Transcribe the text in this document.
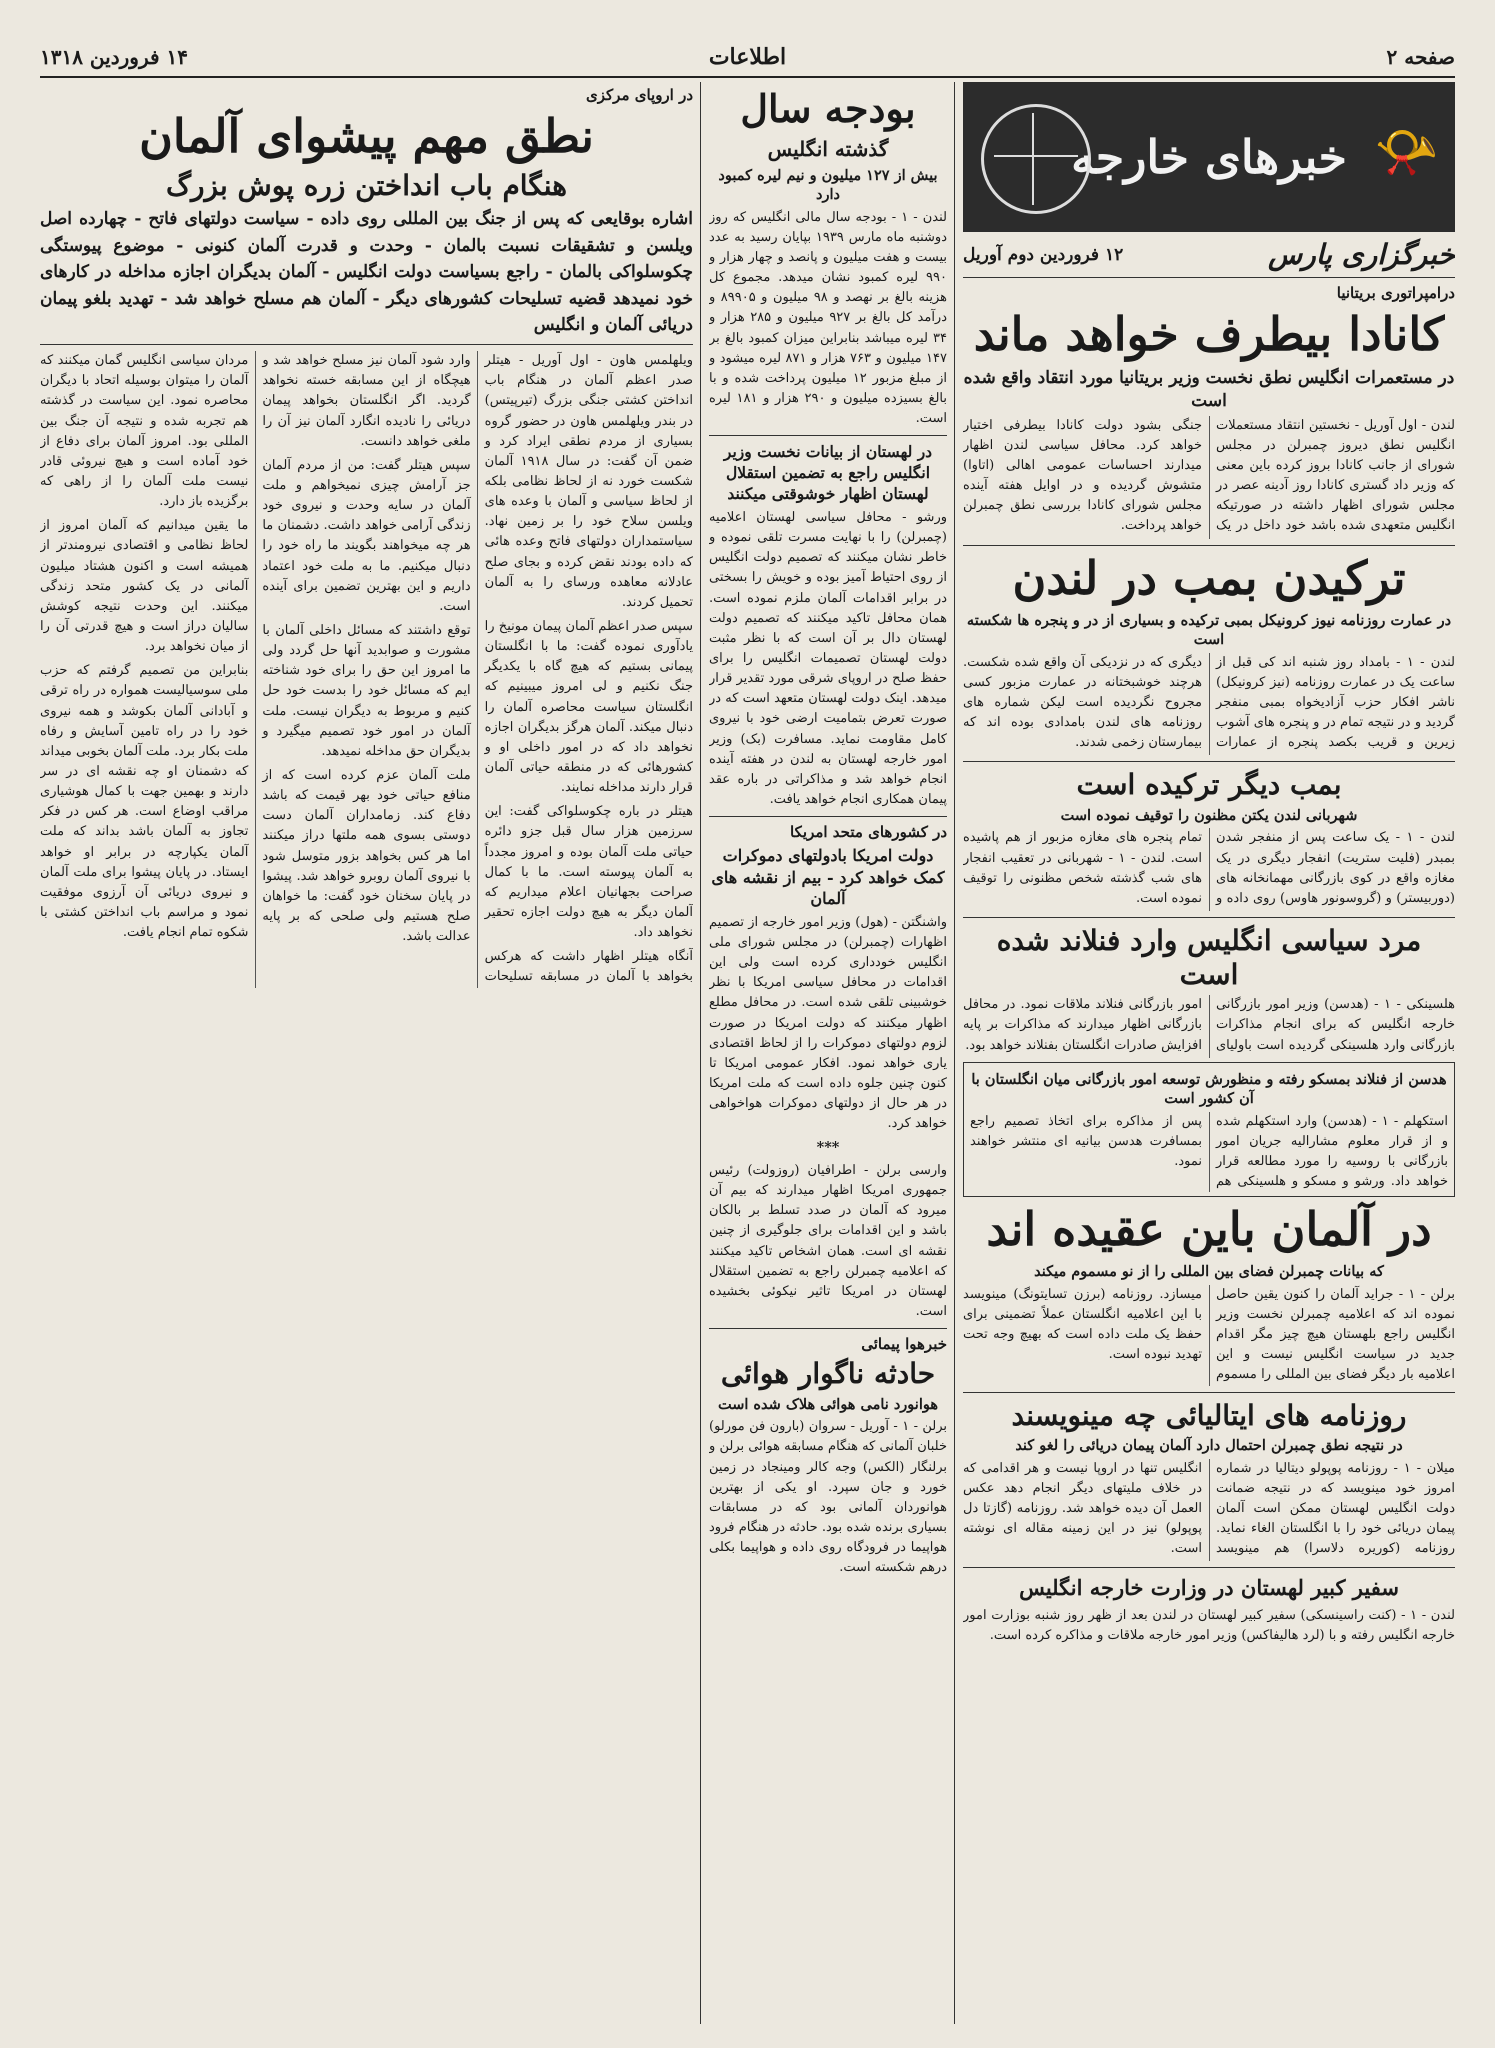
صفحه ۲
اطلاعات
۱۴ فروردین ۱۳۱۸
خبرهای خارجه 📯
خبرگزاری پارس
۱۲ فروردین دوم آوریل
درامپراتوری بریتانیا
کانادا بیطرف خواهد ماند
در مستعمرات انگلیس نطق نخست وزیر بریتانیا مورد انتقاد واقع شده است

لندن - اول آوریل - نخستین انتقاد مستعملات انگلیس نطق دیروز چمبرلن در مجلس شورای از جانب کانادا بروز کرده باین معنی که وزیر داد گستری کانادا روز آدینه عصر در مجلس شورای اظهار داشته در صورتیکه انگلیس متعهدی شده باشد خود داخل در یک جنگی بشود دولت کانادا بیطرفی اختیار خواهد کرد. محافل سیاسی لندن اظهار میدارند احساسات عمومی اهالی (اتاوا) متشوش گردیده و در اوایل هفته آینده مجلس شورای کانادا بررسی نطق چمبرلن خواهد پرداخت.

ترکیدن بمب در لندن
در عمارت روزنامه نیوز کرونیکل بمبی ترکیده و بسیاری از در و پنجره ها شکسته است

لندن - ۱ - بامداد روز شنبه اند کی قبل از ساعت یک در عمارت روزنامه (نیز کرونیکل) ناشر افکار حزب آزادیخواه بمبی منفجر گردید و در نتیجه تمام در و پنجره های آشوب زیرین و قریب بکصد پنجره از عمارات دیگری که در نزدیکی آن واقع شده شکست. هرچند خوشبختانه در عمارت مزبور کسی مجروح نگردیده است لیکن شماره های روزنامه های لندن بامدادی بوده اند که بیمارستان زخمی شدند.

بمب دیگر ترکیده است
شهربانی لندن یکتن مظنون را توقیف نموده است

لندن - ۱ - یک ساعت پس از منفجر شدن بمبدر (فلیت ستریت) انفجار دیگری در یک مغازه واقع در کوی بازرگانی مهمانخانه های (دوربیستر) و (گروسونور هاوس) روی داده و تمام پنجره های مغازه مزبور از هم پاشیده است. لندن - ۱ - شهربانی در تعقیب انفجار های شب گذشته شخص مظنونی را توقیف نموده است.

مرد سیاسی انگلیس وارد فنلاند شده است

هلسینکی - ۱ - (هدسن) وزیر امور بازرگانی خارجه انگلیس که برای انجام مذاکرات بازرگانی وارد هلسینکی گردیده است باولیای امور بازرگانی فنلاند ملاقات نمود. در محافل بازرگانی اظهار میدارند که مذاکرات بر پایه افزایش صادرات انگلستان بفنلاند خواهد بود.

هدسن از فنلاند بمسکو رفته و منظورش توسعه امور بازرگانی میان انگلستان با آن کشور است

استکهلم - ۱ - (هدسن) وارد استکهلم شده و از قرار معلوم مشارالیه جریان امور بازرگانی با روسیه را مورد مطالعه قرار خواهد داد. ورشو و مسکو و هلسینکی هم پس از مذاکره برای اتخاذ تصمیم راجع بمسافرت هدسن بیانیه ای منتشر خواهند نمود.

در آلمان باین عقیده اند
که بیانات چمبرلن فضای بین المللی را از نو مسموم میکند

برلن - ۱ - جراید آلمان را کنون یقین حاصل نموده اند که اعلامیه چمبرلن نخست وزیر انگلیس راجع بلهستان هیچ چیز مگر اقدام جدید در سیاست انگلیس نیست و این اعلامیه بار دیگر فضای بین المللی را مسموم میسازد. روزنامه (برزن تسایتونگ) مینویسد با این اعلامیه انگلستان عملاً تضمینی برای حفظ یک ملت داده است که بهیچ وجه تحت تهدید نبوده است.

روزنامه های ایتالیائی چه مینویسند
در نتیجه نطق چمبرلن احتمال دارد آلمان پیمان دریائی را لغو کند

میلان - ۱ - روزنامه پوپولو دیتالیا در شماره امروز خود مینویسد که در نتیجه ضمانت دولت انگلیس لهستان ممکن است آلمان پیمان دریائی خود را با انگلستان الغاء نماید. روزنامه (کوریره دلاسرا) هم مینویسد انگلیس تنها در اروپا نیست و هر اقدامی که در خلاف ملیتهای دیگر انجام دهد عکس العمل آن دیده خواهد شد. روزنامه (گازتا دل پوپولو) نیز در این زمینه مقاله ای نوشته است.

سفیر کبیر لهستان در وزارت خارجه انگلیس

لندن - ۱ - (کنت راسینسکی) سفیر کبیر لهستان در لندن بعد از ظهر روز شنبه بوزارت امور خارجه انگلیس رفته و با (لرد هالیفاکس) وزیر امور خارجه ملاقات و مذاکره کرده است.

بودجه سال
گذشته انگلیس
بیش از ۱۲۷ میلیون و نیم لیره کمبود دارد

لندن - ۱ - بودجه سال مالی انگلیس که روز دوشنبه ماه مارس ۱۹۳۹ بپایان رسید به عدد بیست و هفت میلیون و پانصد و چهار هزار و ۹۹۰ لیره کمبود نشان میدهد. مجموع کل هزینه بالغ بر نهصد و ۹۸ میلیون و ۸۹۹۰۵ و درآمد کل بالغ بر ۹۲۷ میلیون و ۲۸۵ هزار و ۳۴ لیره میباشد بنابراین میزان کمبود بالغ بر ۱۴۷ میلیون و ۷۶۳ هزار و ۸۷۱ لیره میشود و از مبلغ مزبور ۱۲ میلیون پرداخت شده و با بالغ بسیزده میلیون و ۲۹۰ هزار و ۱۸۱ لیره است.

در لهستان از بیانات نخست وزیر انگلیس راجع به تضمین استقلال لهستان اظهار خوشوقتی میکنند

ورشو - محافل سیاسی لهستان اعلامیه (چمبرلن) را با نهایت مسرت تلقی نموده و خاطر نشان میکنند که تصمیم دولت انگلیس از روی احتیاط آمیز بوده و خویش را بسختی در برابر اقدامات آلمان ملزم نموده است. همان محافل تاکید میکنند که تصمیم دولت لهستان دال بر آن است که با نظر مثبت دولت لهستان تصمیمات انگلیس را برای حفظ صلح در اروپای شرقی مورد تقدیر قرار میدهد. اینک دولت لهستان متعهد است که در صورت تعرض بتمامیت ارضی خود با نیروی کامل مقاومت نماید. مسافرت (بک) وزیر امور خارجه لهستان به لندن در هفته آینده انجام خواهد شد و مذاکراتی در باره عقد پیمان همکاری انجام خواهد یافت.

در کشورهای متحد امریکا
دولت امریکا بادولتهای دموکرات کمک خواهد کرد - بیم از نقشه های آلمان

واشنگتن - (هول) وزیر امور خارجه از تصمیم اظهارات (چمبرلن) در مجلس شورای ملی انگلیس خودداری کرده است ولی این اقدامات در محافل سیاسی امریکا با نظر خوشبینی تلقی شده است. در محافل مطلع اظهار میکنند که دولت امریکا در صورت لزوم دولتهای دموکرات را از لحاظ اقتصادی یاری خواهد نمود. افکار عمومی امریکا تا کنون چنین جلوه داده است که ملت امریکا در هر حال از دولتهای دموکرات هواخواهی خواهد کرد.

***

وارسی برلن - اطرافیان (روزولت) رئیس جمهوری امریکا اظهار میدارند که بیم آن میرود که آلمان در صدد تسلط بر بالکان باشد و این اقدامات برای جلوگیری از چنین نقشه ای است. همان اشخاص تاکید میکنند که اعلامیه چمبرلن راجع به تضمین استقلال لهستان در امریکا تاثیر نیکوئی بخشیده است.

خبرهوا پیمائی
حادثه ناگوار هوائی
هوانورد نامی هوائی هلاک شده است

برلن - ۱ - آوریل - سروان (بارون فن مورلو) خلبان آلمانی که هنگام مسابقه هوائی برلن و برلنگار (الکس) وجه کالر ومینجاد در زمین خورد و جان سپرد. او یکی از بهترین هوانوردان آلمانی بود که در مسابقات بسیاری برنده شده بود. حادثه در هنگام فرود هواپیما در فرودگاه روی داده و هواپیما بکلی درهم شکسته است.

در اروپای مرکزی
نطق مهم پیشوای آلمان
هنگام باب انداختن زره پوش بزرگ
اشاره بوقایعی که پس از جنگ بین المللی روی داده - سیاست دولتهای فاتح - چهارده اصل ویلسن و تشقیقات نسبت بالمان - وحدت و قدرت آلمان کنونی - موضوع پیوستگی چکوسلواکی بالمان - راجع بسیاست دولت انگلیس - آلمان بدیگران اجازه مداخله در کارهای خود نمیدهد قضیه تسلیحات کشورهای دیگر - آلمان هم مسلح خواهد شد - تهدید بلغو پیمان دریائی آلمان و انگلیس

ویلهلمس هاون - اول آوریل - هیتلر صدر اعظم آلمان در هنگام باب انداختن کشتی جنگی بزرگ (تیرپیتس) در بندر ویلهلمس هاون در حضور گروه بسیاری از مردم نطقی ایراد کرد و ضمن آن گفت: در سال ۱۹۱۸ آلمان شکست خورد نه از لحاظ نظامی بلکه از لحاظ سیاسی و آلمان با وعده های ویلسن سلاح خود را بر زمین نهاد. سیاستمداران دولتهای فاتح وعده هائی که داده بودند نقض کرده و بجای صلح عادلانه معاهده ورسای را به آلمان تحمیل کردند.

سپس صدر اعظم آلمان پیمان مونیخ را یادآوری نموده گفت: ما با انگلستان پیمانی بستیم که هیچ گاه با یکدیگر جنگ نکنیم و لی امروز میبینیم که انگلستان سیاست محاصره آلمان را دنبال میکند. آلمان هرگز بدیگران اجازه نخواهد داد که در امور داخلی او و کشورهائی که در منطقه حیاتی آلمان قرار دارند مداخله نمایند.

هیتلر در باره چکوسلواکی گفت: این سرزمین هزار سال قبل جزو دائره حیاتی ملت آلمان بوده و امروز مجدداً به آلمان پیوسته است. ما با کمال صراحت بجهانیان اعلام میداریم که آلمان دیگر به هیچ دولت اجازه تحقیر نخواهد داد.

آنگاه هیتلر اظهار داشت که هرکس بخواهد با آلمان در مسابقه تسلیحات وارد شود آلمان نیز مسلح خواهد شد و هیچگاه از این مسابقه خسته نخواهد گردید. اگر انگلستان بخواهد پیمان دریائی را نادیده انگارد آلمان نیز آن را ملغی خواهد دانست.

سپس هیتلر گفت: من از مردم آلمان جز آرامش چیزی نمیخواهم و ملت آلمان در سایه وحدت و نیروی خود زندگی آرامی خواهد داشت. دشمنان ما هر چه میخواهند بگویند ما راه خود را دنبال میکنیم. ما به ملت خود اعتماد داریم و این بهترین تضمین برای آینده است.

توقع داشتند که مسائل داخلی آلمان با مشورت و صوابدید آنها حل گردد ولی ما امروز این حق را برای خود شناخته ایم که مسائل خود را بدست خود حل کنیم و مربوط به دیگران نیست. ملت آلمان در امور خود تصمیم میگیرد و بدیگران حق مداخله نمیدهد.

ملت آلمان عزم کرده است که از منافع حیاتی خود بهر قیمت که باشد دفاع کند. زمامداران آلمان دست دوستی بسوی همه ملتها دراز میکنند اما هر کس بخواهد بزور متوسل شود با نیروی آلمان روبرو خواهد شد. پیشوا در پایان سخنان خود گفت: ما خواهان صلح هستیم ولی صلحی که بر پایه عدالت باشد.

مردان سیاسی انگلیس گمان میکنند که آلمان را میتوان بوسیله اتحاد با دیگران محاصره نمود. این سیاست در گذشته هم تجربه شده و نتیجه آن جنگ بین المللی بود. امروز آلمان برای دفاع از خود آماده است و هیچ نیروئی قادر نیست ملت آلمان را از راهی که برگزیده باز دارد.

ما یقین میدانیم که آلمان امروز از لحاظ نظامی و اقتصادی نیرومندتر از همیشه است و اکنون هشتاد میلیون آلمانی در یک کشور متحد زندگی میکنند. این وحدت نتیجه کوشش سالیان دراز است و هیچ قدرتی آن را از میان نخواهد برد.

بنابراین من تصمیم گرفتم که حزب ملی سوسیالیست همواره در راه ترقی و آبادانی آلمان بکوشد و همه نیروی خود را در راه تامین آسایش و رفاه ملت بکار برد. ملت آلمان بخوبی میداند که دشمنان او چه نقشه ای در سر دارند و بهمین جهت با کمال هوشیاری مراقب اوضاع است. هر کس در فکر تجاوز به آلمان باشد بداند که ملت آلمان یکپارچه در برابر او خواهد ایستاد. در پایان پیشوا برای ملت آلمان و نیروی دریائی آن آرزوی موفقیت نمود و مراسم باب انداختن کشتی با شکوه تمام انجام یافت.
